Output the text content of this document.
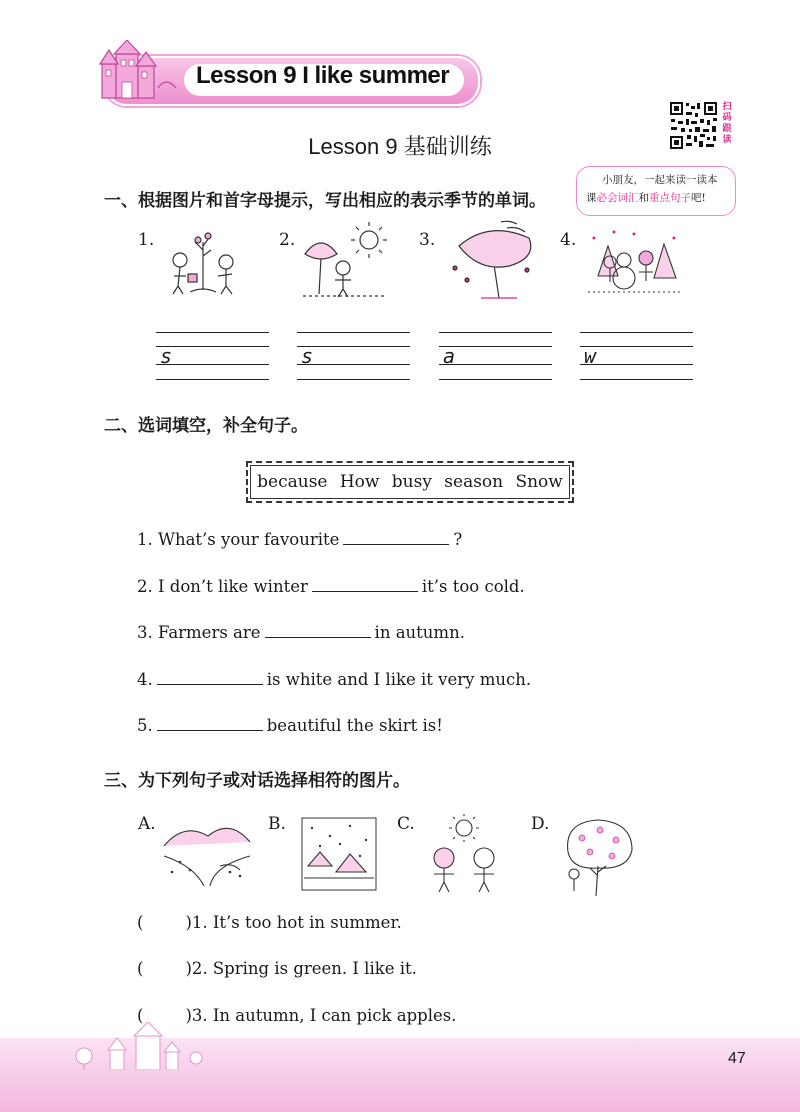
Lesson 9 I like summer
扫码跟读
Lesson 9 基础训练
小朋友，一起来读一读本
课必会词汇和重点句子吧!
一、根据图片和首字母提示，写出相应的表示季节的单词。
1.	2.	3.	4.
s	s	a	w
二、选词填空，补全句子。
because How busy season Snow
1. What’s your favourite	?
2. I don’t like winter	it’s too cold.
3. Farmers are	in autumn.
4.	is white and I like it very much.
5.	beautiful the skirt is!
三、为下列句子或对话选择相符的图片。
A.	B.	C.	D.
(	)1. It’s too hot in summer.
(	)2. Spring is green. I like it.
(	)3. In autumn, I can pick apples.
47
